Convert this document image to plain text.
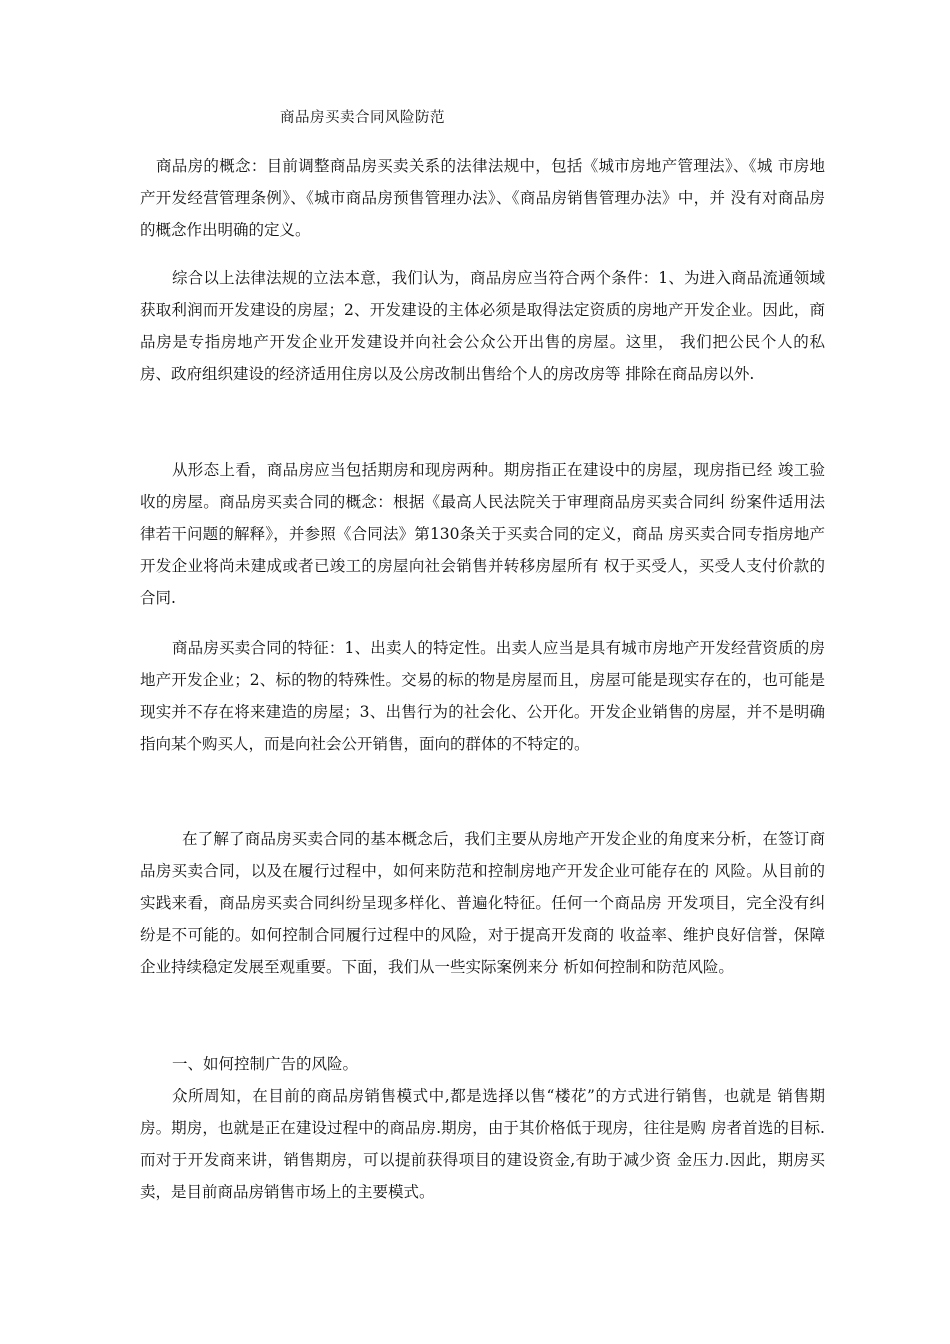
商品房买卖合同风险防范

商品房的概念：目前调整商品房买卖关系的法律法规中，包括《城市房地产管理法》、《城 市房地产开发经营管理条例》、《城市商品房预售管理办法》、《商品房销售管理办法》中，并 没有对商品房的概念作出明确的定义。

综合以上法律法规的立法本意，我们认为，商品房应当符合两个条件：1、为进入商品流通领域获取利润而开发建设的房屋；2、开发建设的主体必须是取得法定资质的房地产开发企业。因此，商品房是专指房地产开发企业开发建设并向社会公众公开出售的房屋。这里， 我们把公民个人的私房、政府组织建设的经济适用住房以及公房改制出售给个人的房改房等 排除在商品房以外.

从形态上看，商品房应当包括期房和现房两种。期房指正在建设中的房屋，现房指已经 竣工验收的房屋。商品房买卖合同的概念：根据《最高人民法院关于审理商品房买卖合同纠 纷案件适用法律若干问题的解释》，并参照《合同法》第130条关于买卖合同的定义，商品 房买卖合同专指房地产开发企业将尚未建成或者已竣工的房屋向社会销售并转移房屋所有 权于买受人，买受人支付价款的合同.

商品房买卖合同的特征：1、出卖人的特定性。出卖人应当是具有城市房地产开发经营资质的房地产开发企业；2、标的物的特殊性。交易的标的物是房屋而且，房屋可能是现实存在的，也可能是现实并不存在将来建造的房屋；3、出售行为的社会化、公开化。开发企业销售的房屋，并不是明确指向某个购买人，而是向社会公开销售，面向的群体的不特定的。

在了解了商品房买卖合同的基本概念后，我们主要从房地产开发企业的角度来分析，在签订商品房买卖合同，以及在履行过程中，如何来防范和控制房地产开发企业可能存在的 风险。从目前的实践来看，商品房买卖合同纠纷呈现多样化、普遍化特征。任何一个商品房 开发项目，完全没有纠纷是不可能的。如何控制合同履行过程中的风险，对于提高开发商的 收益率、维护良好信誉，保障企业持续稳定发展至观重要。下面，我们从一些实际案例来分 析如何控制和防范风险。

一、如何控制广告的风险。

众所周知，在目前的商品房销售模式中,都是选择以售“楼花”的方式进行销售，也就是 销售期房。期房，也就是正在建设过程中的商品房.期房，由于其价格低于现房，往往是购 房者首选的目标.而对于开发商来讲，销售期房，可以提前获得项目的建设资金,有助于减少资 金压力.因此，期房买卖，是目前商品房销售市场上的主要模式。
